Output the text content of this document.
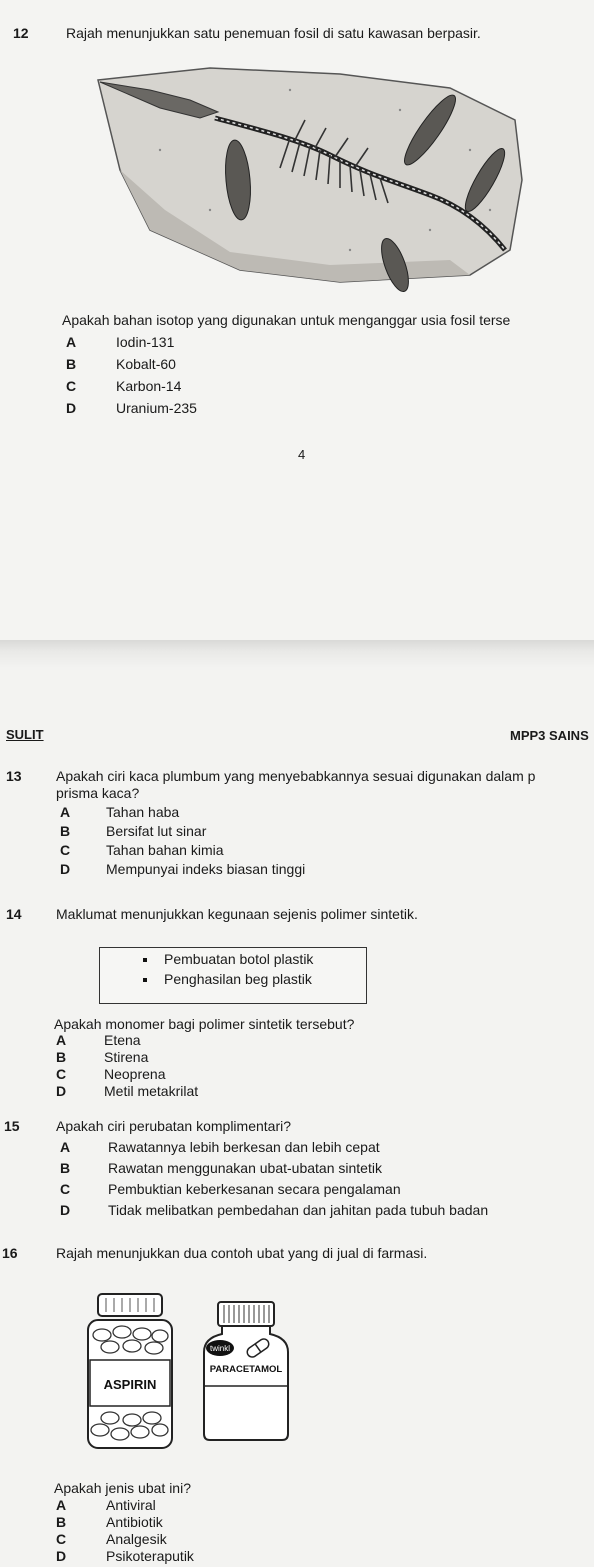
12	Rajah menunjukkan satu penemuan fosil di satu kawasan berpasir.
Apakah bahan isotop yang digunakan untuk menganggar usia fosil terse
A	Iodin-131
B	Kobalt-60
C	Karbon-14
D	Uranium-235
4
SULIT	MPP3 SAINS
13 Apakah ciri kaca plumbum yang menyebabkannya sesuai digunakan dalam p
prisma kaca?
A	Tahan haba
B	Bersifat lut sinar
C	Tahan bahan kimia
D	Mempunyai indeks biasan tinggi
14 Maklumat menunjukkan kegunaan sejenis polimer sintetik.
Pembuatan botol plastik
Penghasilan beg plastik
Apakah monomer bagi polimer sintetik tersebut?
A	Etena
B	Stirena
C	Neoprena
D	Metil metakrilat
15	Apakah ciri perubatan komplimentari?
A	Rawatannya lebih berkesan dan lebih cepat
B	Rawatan menggunakan ubat-ubatan sintetik
C	Pembuktian keberkesanan secara pengalaman
D	Tidak melibatkan pembedahan dan jahitan pada tubuh badan
16	Rajah menunjukkan dua contoh ubat yang di jual di farmasi.
ASPIRIN
twinkl
PARACETAMOL
Apakah jenis ubat ini?
A	Antiviral
B	Antibiotik
C	Analgesik
D	Psikoteraputik
